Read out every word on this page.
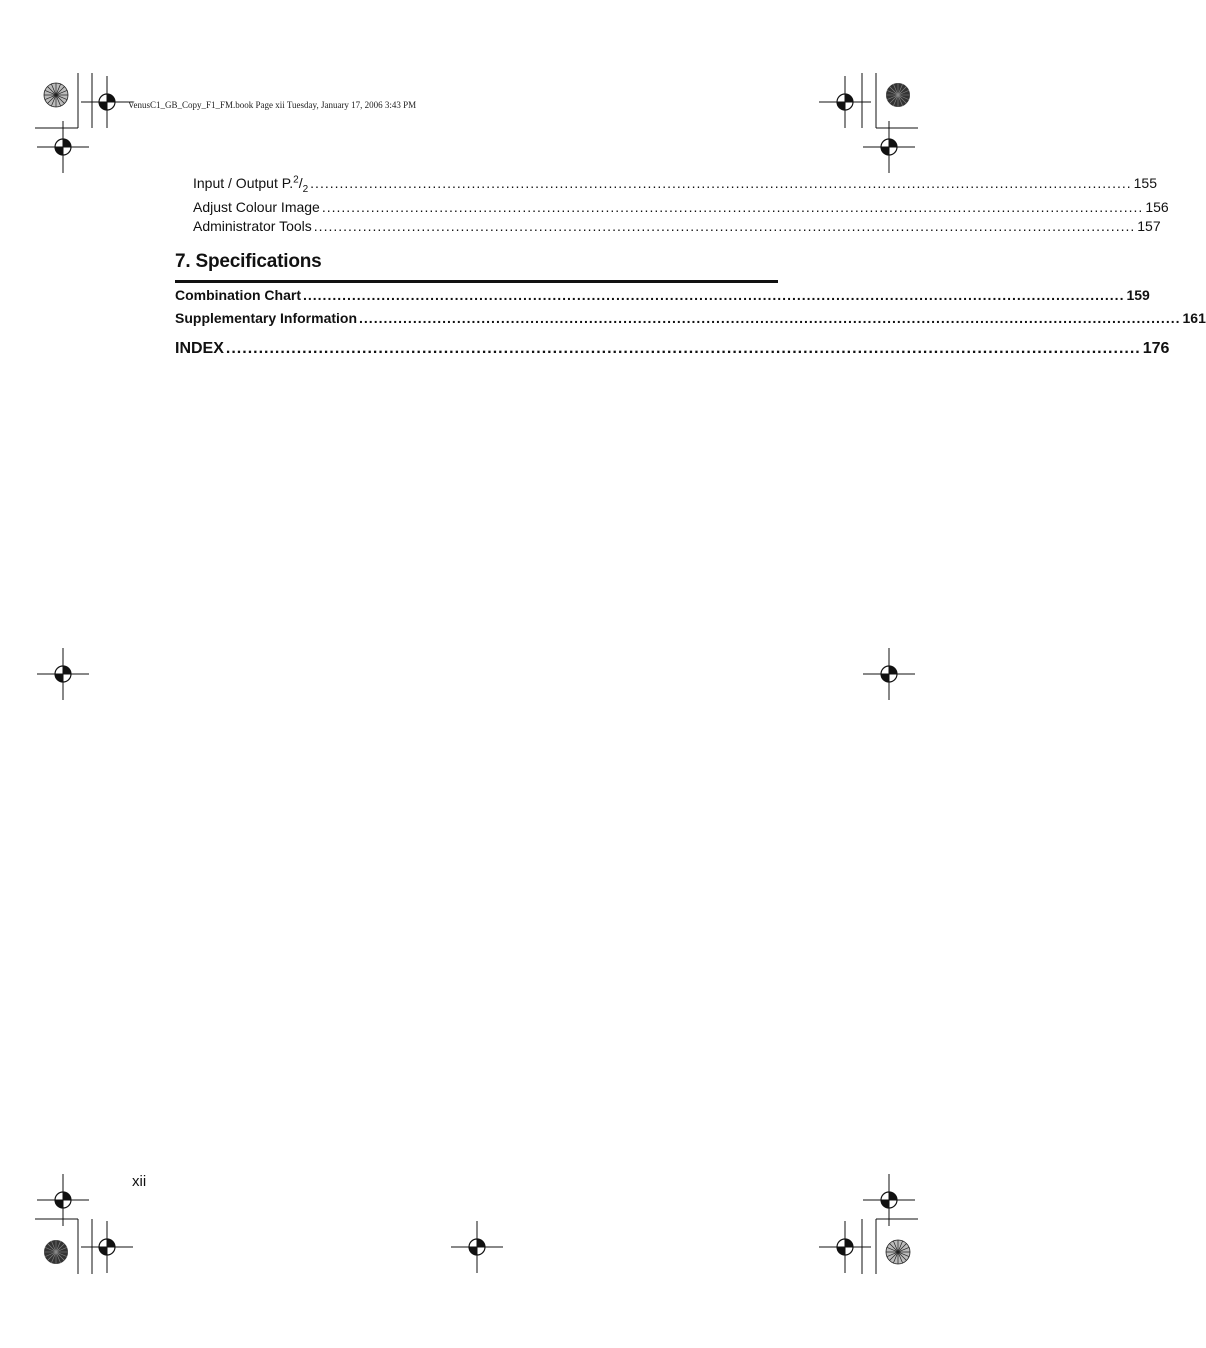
VenusC1_GB_Copy_F1_FM.book Page xii Tuesday, January 17, 2006 3:43 PM
Input / Output $P.^2/_2$ ........................................................................................................................................................................ 155
Adjust Colour Image ........................................................................................................................................................................ 156
Administrator Tools ........................................................................................................................................................................ 157
Combination Chart ........................................................................................................................................................................ 159
Supplementary Information ........................................................................................................................................................................ 161
INDEX ........................................................................................................................................................................ 176
7. Specifications
xii
